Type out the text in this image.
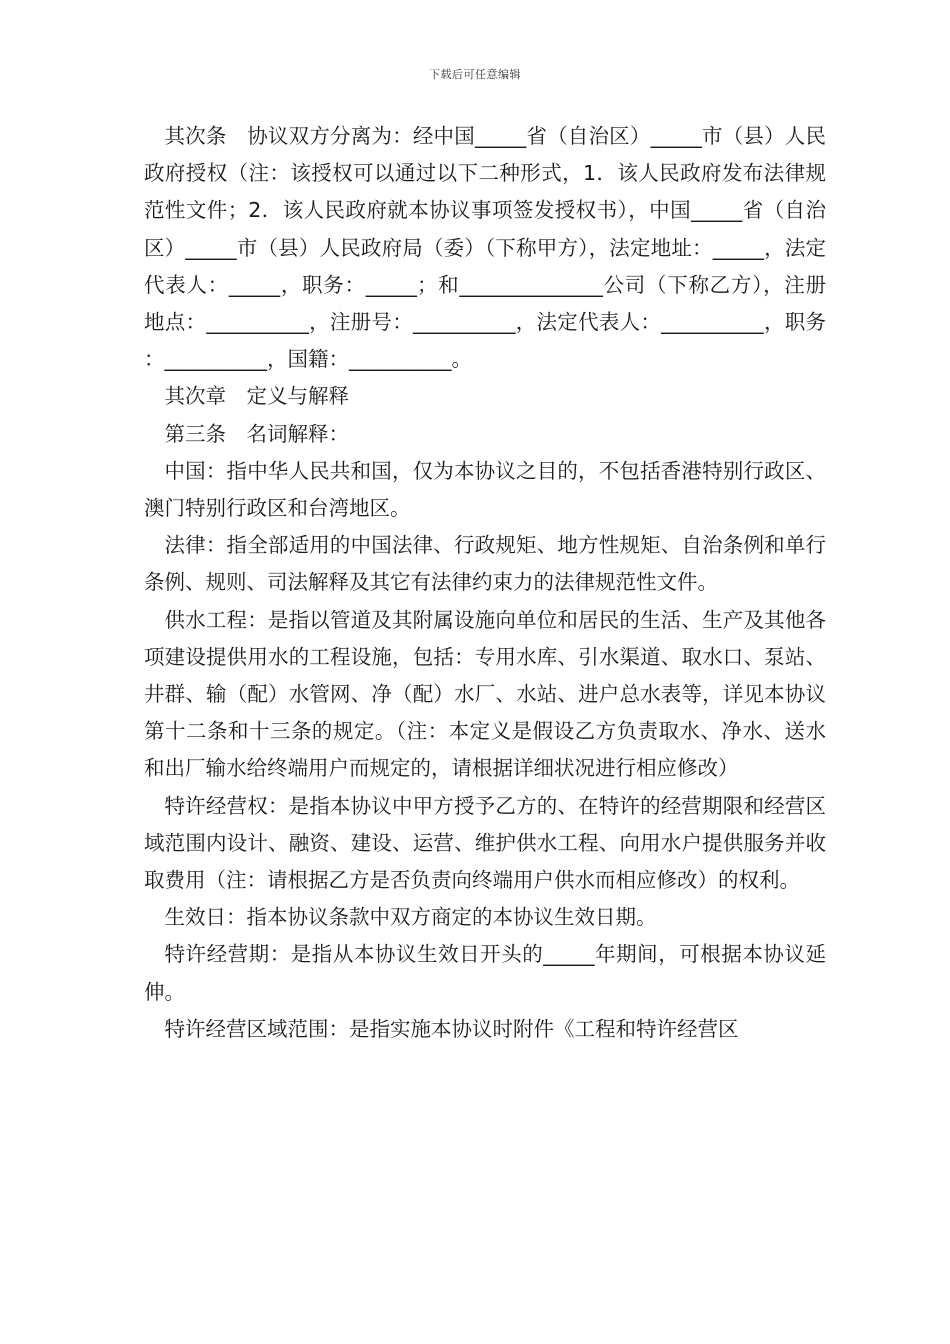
下载后可任意编辑

其次条　协议双方分离为：经中国_____省（自治区）_____市（县）人民政府授权（注：该授权可以通过以下二种形式，1．该人民政府发布法律规范性文件；2．该人民政府就本协议事项签发授权书），中国_____省（自治区）_____市（县）人民政府局（委）（下称甲方），法定地址：_____，法定代表人：_____，职务：_____；和______________公司（下称乙方），注册地点：__________，注册号：__________，法定代表人：__________，职务：__________，国籍：__________。

其次章　定义与解释

第三条　名词解释：

中国：指中华人民共和国，仅为本协议之目的，不包括香港特别行政区、澳门特别行政区和台湾地区。

法律：指全部适用的中国法律、行政规矩、地方性规矩、自治条例和单行条例、规则、司法解释及其它有法律约束力的法律规范性文件。

供水工程：是指以管道及其附属设施向单位和居民的生活、生产及其他各项建设提供用水的工程设施，包括：专用水库、引水渠道、取水口、泵站、井群、输（配）水管网、净（配）水厂、水站、进户总水表等，详见本协议第十二条和十三条的规定。（注：本定义是假设乙方负责取水、净水、送水和出厂输水给终端用户而规定的，请根据详细状况进行相应修改）

特许经营权：是指本协议中甲方授予乙方的、在特许的经营期限和经营区域范围内设计、融资、建设、运营、维护供水工程、向用水户提供服务并收取费用（注：请根据乙方是否负责向终端用户供水而相应修改）的权利。

生效日：指本协议条款中双方商定的本协议生效日期。

特许经营期：是指从本协议生效日开头的_____年期间，可根据本协议延伸。

特许经营区域范围：是指实施本协议时附件《工程和特许经营区
